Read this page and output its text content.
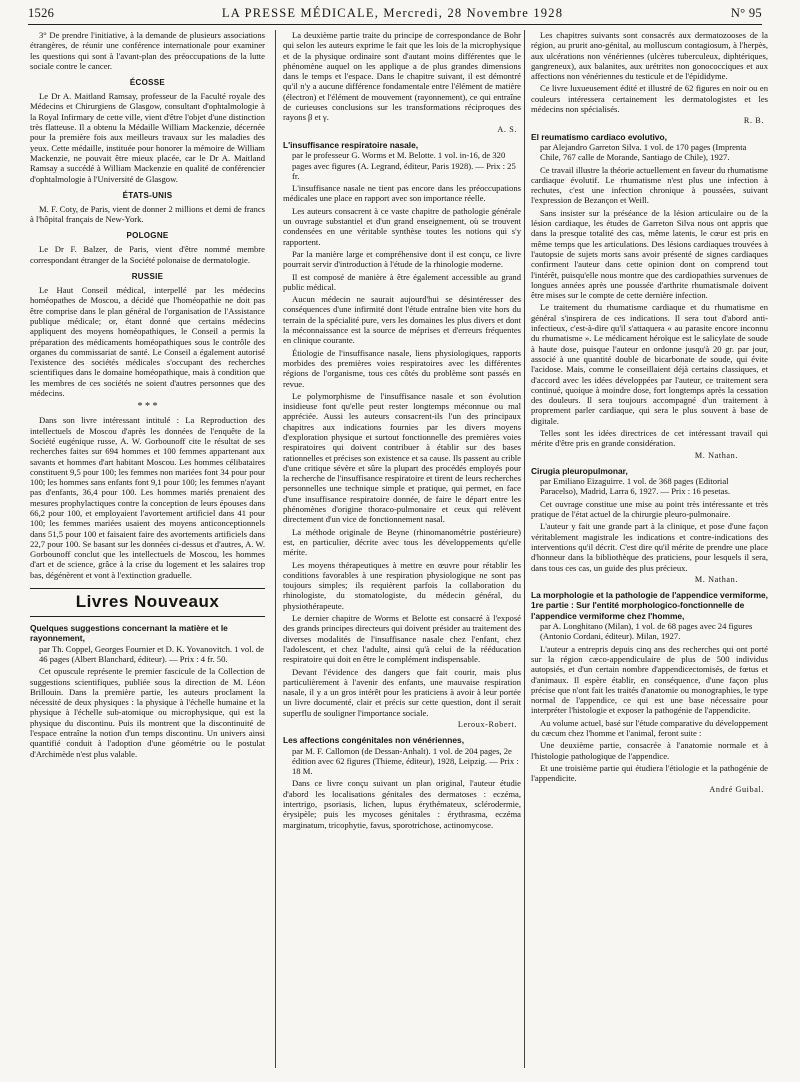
1526	LA PRESSE MÉDICALE, Mercredi, 28 Novembre 1928	N° 95

3° De prendre l'initiative, à la demande de plusieurs associations étrangères, de réunir une conférence internationale pour examiner les questions qui sont à l'avant-plan des préoccupations de la lutte sociale contre le cancer.

ÉCOSSE

Le Dr A. Maitland Ramsay, professeur de la Faculté royale des Médecins et Chirurgiens de Glasgow, consultant d'ophtalmologie à la Royal Infirmary de cette ville, vient d'être l'objet d'une distinction très flatteuse. Il a obtenu la Médaille William Mackenzie, décernée pour la première fois aux meilleurs travaux sur les maladies des yeux. Cette médaille, instituée pour honorer la mémoire de William Mackenzie, ne pouvait être mieux placée, car le Dr A. Maitland Ramsay a succédé à William Mackenzie en qualité de conférencier d'ophtalmologie à l'Université de Glasgow.

ÉTATS-UNIS

M. F. Coty, de Paris, vient de donner 2 millions et demi de francs à l'hôpital français de New-York.

POLOGNE

Le Dr F. Balzer, de Paris, vient d'être nommé membre correspondant étranger de la Société polonaise de dermatologie.

RUSSIE

Le Haut Conseil médical, interpellé par les médecins homéopathes de Moscou, a décidé que l'homéopathie ne doit pas être comprise dans le plan général de l'organisation de l'Assistance publique médicale; or, étant donné que certains médecins appliquent des moyens homéopathiques, le Conseil a permis la préparation des médicaments homéopathiques sous le contrôle des organes du commissariat de santé. Le Conseil a également autorisé l'existence des sociétés médicales s'occupant des recherches scientifiques dans le domaine homéopathique, mais à condition que les membres de ces sociétés ne soient d'autres personnes que des médecins.

* * *

Dans son livre intéressant intitulé : La Reproduction des intellectuels de Moscou d'après les données de l'enquête de la Société eugénique russe, A. W. Gorbounoff cite le résultat de ses recherches faites sur 694 hommes et 100 femmes appartenant aux savants et hommes d'art habitant Moscou. Les hommes célibataires constituent 9,5 pour 100; les femmes non mariées font 34 pour pour 100; les hommes sans enfants font 9,1 pour 100; les femmes n'ayant pas d'enfants, 36,4 pour 100. Les hommes mariés prenaient des mesures prophylactiques contre la conception de leurs épouses dans 66,2 pour 100, et employaient l'avortement artificiel dans 41 pour 100; les femmes mariées usaient des moyens anticonceptionnels dans 51,5 pour 100 et faisaient faire des avortements artificiels dans 22,7 pour 100. Se basant sur les données ci-dessus et d'autres, A. W. Gorbounoff conclut que les intellectuels de Moscou, les hommes d'art et de science, grâce à la crise du logement et les salaires trop bas, dégénèrent et vont à l'extinction graduelle.

Livres Nouveaux
Quelques suggestions concernant la matière et le rayonnement,

par Th. Coppel, Georges Fournier et D. K. Yovanovitch. 1 vol. de 46 pages (Albert Blanchard, éditeur). — Prix : 4 fr. 50.

Cet opuscule représente le premier fascicule de la Collection de suggestions scientifiques, publiée sous la direction de M. Léon Brillouin. Dans la première partie, les auteurs proclament la nécessité de deux physiques : la physique à l'échelle humaine et la physique à l'échelle sub-atomique ou microphysique, qui est la physique du discontinu. Puis ils montrent que la discontinuité de l'espace entraîne la notion d'un temps discontinu. Un univers ainsi quantifié conduit à l'adoption d'une géométrie ou le postulat d'Archimède n'est plus valable.

La deuxième partie traite du principe de correspondance de Bohr qui selon les auteurs exprime le fait que les lois de la microphysique et de la physique ordinaire sont d'autant moins différentes que le phénomène auquel on les applique a de plus grandes dimensions dans le temps et l'espace. Dans le chapitre suivant, il est démontré qu'il n'y a aucune différence fondamentale entre l'élément de matière (électron) et l'élément de mouvement (rayonnement), ce qui entraîne de curieuses conclusions sur les transformations réciproques des rayons β et γ.

A. S.

L'insuffisance respiratoire nasale,

par le professeur G. Worms et M. Belotte. 1 vol. in-16, de 320 pages avec figures (A. Legrand, éditeur, Paris 1928). — Prix : 25 fr.

L'insuffisance nasale ne tient pas encore dans les préoccupations médicales une place en rapport avec son importance réelle.

Les auteurs consacrent à ce vaste chapitre de pathologie générale un ouvrage substantiel et d'un grand enseignement, où se trouvent condensées en une véritable synthèse toutes les notions qui s'y rapportent.

Par la manière large et compréhensive dont il est conçu, ce livre pourrait servir d'introduction à l'étude de la rhinologie moderne.

Il est composé de manière à être également accessible au grand public médical.

Aucun médecin ne saurait aujourd'hui se désintéresser des conséquences d'une infirmité dont l'étude entraîne bien vite hors du terrain de la spécialité pure, vers les domaines les plus divers et dont la méconnaissance est la source de méprises et d'erreurs fréquentes en clinique courante.

Étiologie de l'insuffisance nasale, liens physiologiques, rapports morbides des premières voies respiratoires avec les différentes régions de l'organisme, tous ces côtés du problème sont passés en revue.

Le polymorphisme de l'insuffisance nasale et son évolution insidieuse font qu'elle peut rester longtemps méconnue ou mal appréciée. Aussi les auteurs consacrent-ils l'un des principaux chapitres aux indications fournies par les divers moyens d'exploration physique et surtout fonctionnelle des premières voies respiratoires qui doivent contribuer à établir sur des bases rationnelles et précises son existence et sa cause. Ils passent au crible d'une critique sévère et sûre la plupart des procédés employés pour la recherche de l'insuffisance respiratoire et tirent de leurs recherches personnelles une technique simple et pratique, qui permet, en face d'une insuffisance respiratoire donnée, de faire le départ entre les phénomènes d'origine thoraco-pulmonaire et ceux qui relèvent directement d'un vice de fonctionnement nasal.

La méthode originale de Beyne (rhinomanométrie postérieure) est, en particulier, décrite avec tous les développements qu'elle mérite.

Les moyens thérapeutiques à mettre en œuvre pour rétablir les conditions favorables à une respiration physiologique ne sont pas toujours simples; ils requièrent parfois la collaboration du rhinologiste, du stomatologiste, du médecin général, du physiothérapeute.

Le dernier chapitre de Worms et Belotte est consacré à l'exposé des grands principes directeurs qui doivent présider au traitement des diverses modalités de l'insuffisance nasale chez l'enfant, chez l'adolescent, et chez l'adulte, ainsi qu'à celui de la rééducation respiratoire qui doit en être le complément indispensable.

Devant l'évidence des dangers que fait courir, mais plus particulièrement à l'avenir des enfants, une mauvaise respiration nasale, il y a un gros intérêt pour les praticiens à avoir à leur portée un livre documenté, clair et précis sur cette question, dont il serait superflu de souligner l'importance sociale.

Leroux-Robert.

Les affections congénitales non vénériennes,

par M. F. Callomon (de Dessan-Anhalt). 1 vol. de 204 pages, 2e édition avec 62 figures (Thieme, éditeur), 1928, Leipzig. — Prix : 18 M.

Dans ce livre conçu suivant un plan original, l'auteur étudie d'abord les localisations génitales des dermatoses : eczéma, intertrigo, psoriasis, lichen, lupus érythémateux, sclérodermie, érysipèle; puis les mycoses génitales : érythrasma, eczéma marginatum, tricophytie, favus, sporotrichose, actinomycose.

Les chapitres suivants sont consacrés aux dermatozooses de la région, au prurit ano-génital, au molluscum contagiosum, à l'herpès, aux ulcérations non vénériennes (ulcères tuberculeux, diphtériques, gangreneux), aux balanites, aux urétrites non gonococciques et aux affections non vénériennes du testicule et de l'épididyme.

Ce livre luxueusement édité et illustré de 62 figures en noir ou en couleurs intéressera certainement les dermatologistes et les médecins non spécialisés.

R. B.

El reumatismo cardiaco evolutivo,

par Alejandro Garreton Silva. 1 vol. de 170 pages (Imprenta Chile, 767 calle de Morande, Santiago de Chile), 1927.

Ce travail illustre la théorie actuellement en faveur du rhumatisme cardiaque évolutif. Le rhumatisme n'est plus une infection à rechutes, c'est une infection chronique à poussées, suivant l'expression de Bezançon et Weill.

Sans insister sur la préséance de la lésion articulaire ou de la lésion cardiaque, les études de Garreton Silva nous ont appris que dans la presque totalité des cas, même latents, le cœur est pris en même temps que les articulations. Des lésions cardiaques trouvées à l'autopsie de sujets morts sans avoir présenté de signes cardiaques confirment l'auteur dans cette opinion dont on comprend tout l'intérêt, puisqu'elle nous montre que des cardiopathies survenues de longues années après une poussée d'arthrite rhumatismale doivent être mises sur le compte de cette dernière infection.

Le traitement du rhumatisme cardiaque et du rhumatisme en général s'inspirera de ces indications. Il sera tout d'abord anti-infectieux, c'est-à-dire qu'il s'attaquera « au parasite encore inconnu du rhumatisme ». Le médicament héroïque est le salicylate de soude à haute dose, puisque l'auteur en ordonne jusqu'à 20 gr. par jour, associé à une quantité double de bicarbonate de soude, qui évite l'acidose. Mais, comme le conseillaient déjà certains classiques, et d'accord avec les idées développées par l'auteur, ce traitement sera continué, quoique à moindre dose, fort longtemps après la cessation des douleurs. Il sera toujours accompagné d'un traitement à proprement parler cardiaque, qui sera le plus souvent à base de digitale.

Telles sont les idées directrices de cet intéressant travail qui mérite d'être pris en grande considération.

M. Nathan.

Cirugia pleuropulmonar,

par Emiliano Eizaguirre. 1 vol. de 368 pages (Editorial Paracelso), Madrid, Larra 6, 1927. — Prix : 16 pesetas.

Cet ouvrage constitue une mise au point très intéressante et très pratique de l'état actuel de la chirurgie pleuro-pulmonaire.

L'auteur y fait une grande part à la clinique, et pose d'une façon véritablement magistrale les indications et contre-indications des interventions qu'il décrit. C'est dire qu'il mérite de prendre une place d'honneur dans la bibliothèque des praticiens, pour lesquels il sera, dans tous ces cas, un guide des plus précieux.

M. Nathan.

La morphologie et la pathologie de l'appendice vermiforme, 1re partie : Sur l'entité morphologico-fonctionnelle de l'appendice vermiforme chez l'homme,

par A. Longhitano (Milan), 1 vol. de 68 pages avec 24 figures (Antonio Cordani, éditeur). Milan, 1927.

L'auteur a entrepris depuis cinq ans des recherches qui ont porté sur la région cæco-appendiculaire de plus de 500 individus autopsiés, et d'un certain nombre d'appendicectomisés, de fœtus et d'animaux. Il espère établir, en conséquence, d'une façon plus précise que n'ont fait les traités d'anatomie ou monographies, le type normal de l'appendice, ce qui est une base nécessaire pour interpréter l'histologie et exposer la pathogénie de l'appendicite.

Au volume actuel, basé sur l'étude comparative du développement du cæcum chez l'homme et l'animal, feront suite :

Une deuxième partie, consacrée à l'anatomie normale et à l'histologie pathologique de l'appendice.

Et une troisième partie qui étudiera l'étiologie et la pathogénie de l'appendicite.

André Guibal.
